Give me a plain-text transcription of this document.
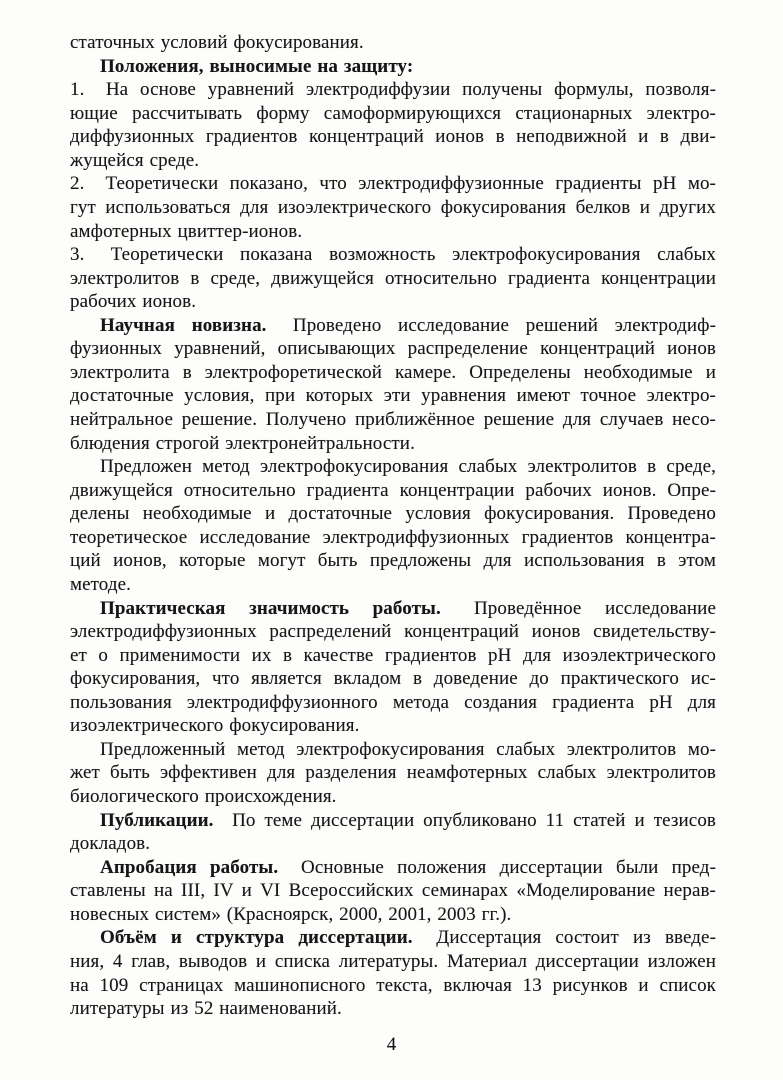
статочных условий фокусирования.
Положения, выносимые на защиту:
1.  На основе уравнений электродиффузии получены формулы, позволя-
ющие рассчитывать форму самоформирующихся стационарных электро-
диффузионных градиентов концентраций ионов в неподвижной и в дви-
жущейся среде.
2.  Теоретически показано, что электродиффузионные градиенты рН мо-
гут использоваться для изоэлектрического фокусирования белков и других
амфотерных цвиттер-ионов.
3.  Теоретически показана возможность электрофокусирования слабых
электролитов в среде, движущейся относительно градиента концентрации
рабочих ионов.
Научная новизна.  Проведено исследование решений электродиф-
фузионных уравнений, описывающих распределение концентраций ионов
электролита в электрофоретической камере. Определены необходимые и
достаточные условия, при которых эти уравнения имеют точное электро-
нейтральное решение. Получено приближённое решение для случаев несо-
блюдения строгой электронейтральности.
Предложен метод электрофокусирования слабых электролитов в среде,
движущейся относительно градиента концентрации рабочих ионов. Опре-
делены необходимые и достаточные условия фокусирования. Проведено
теоретическое исследование электродиффузионных градиентов концентра-
ций ионов, которые могут быть предложены для использования в этом
методе.
Практическая значимость работы.  Проведённое исследование
электродиффузионных распределений концентраций ионов свидетельству-
ет о применимости их в качестве градиентов рН для изоэлектрического
фокусирования, что является вкладом в доведение до практического ис-
пользования электродиффузионного метода создания градиента рН для
изоэлектрического фокусирования.
Предложенный метод электрофокусирования слабых электролитов мо-
жет быть эффективен для разделения неамфотерных слабых электролитов
биологического происхождения.
Публикации.  По теме диссертации опубликовано 11 статей и тезисов
докладов.
Апробация работы.  Основные положения диссертации были пред-
ставлены на III, IV и VI Всероссийских семинарах «Моделирование нерав-
новесных систем» (Красноярск, 2000, 2001, 2003 гг.).
Объём и структура диссертации.  Диссертация состоит из введе-
ния, 4 глав, выводов и списка литературы. Материал диссертации изложен
на 109 страницах машинописного текста, включая 13 рисунков и список
литературы из 52 наименований.
4
